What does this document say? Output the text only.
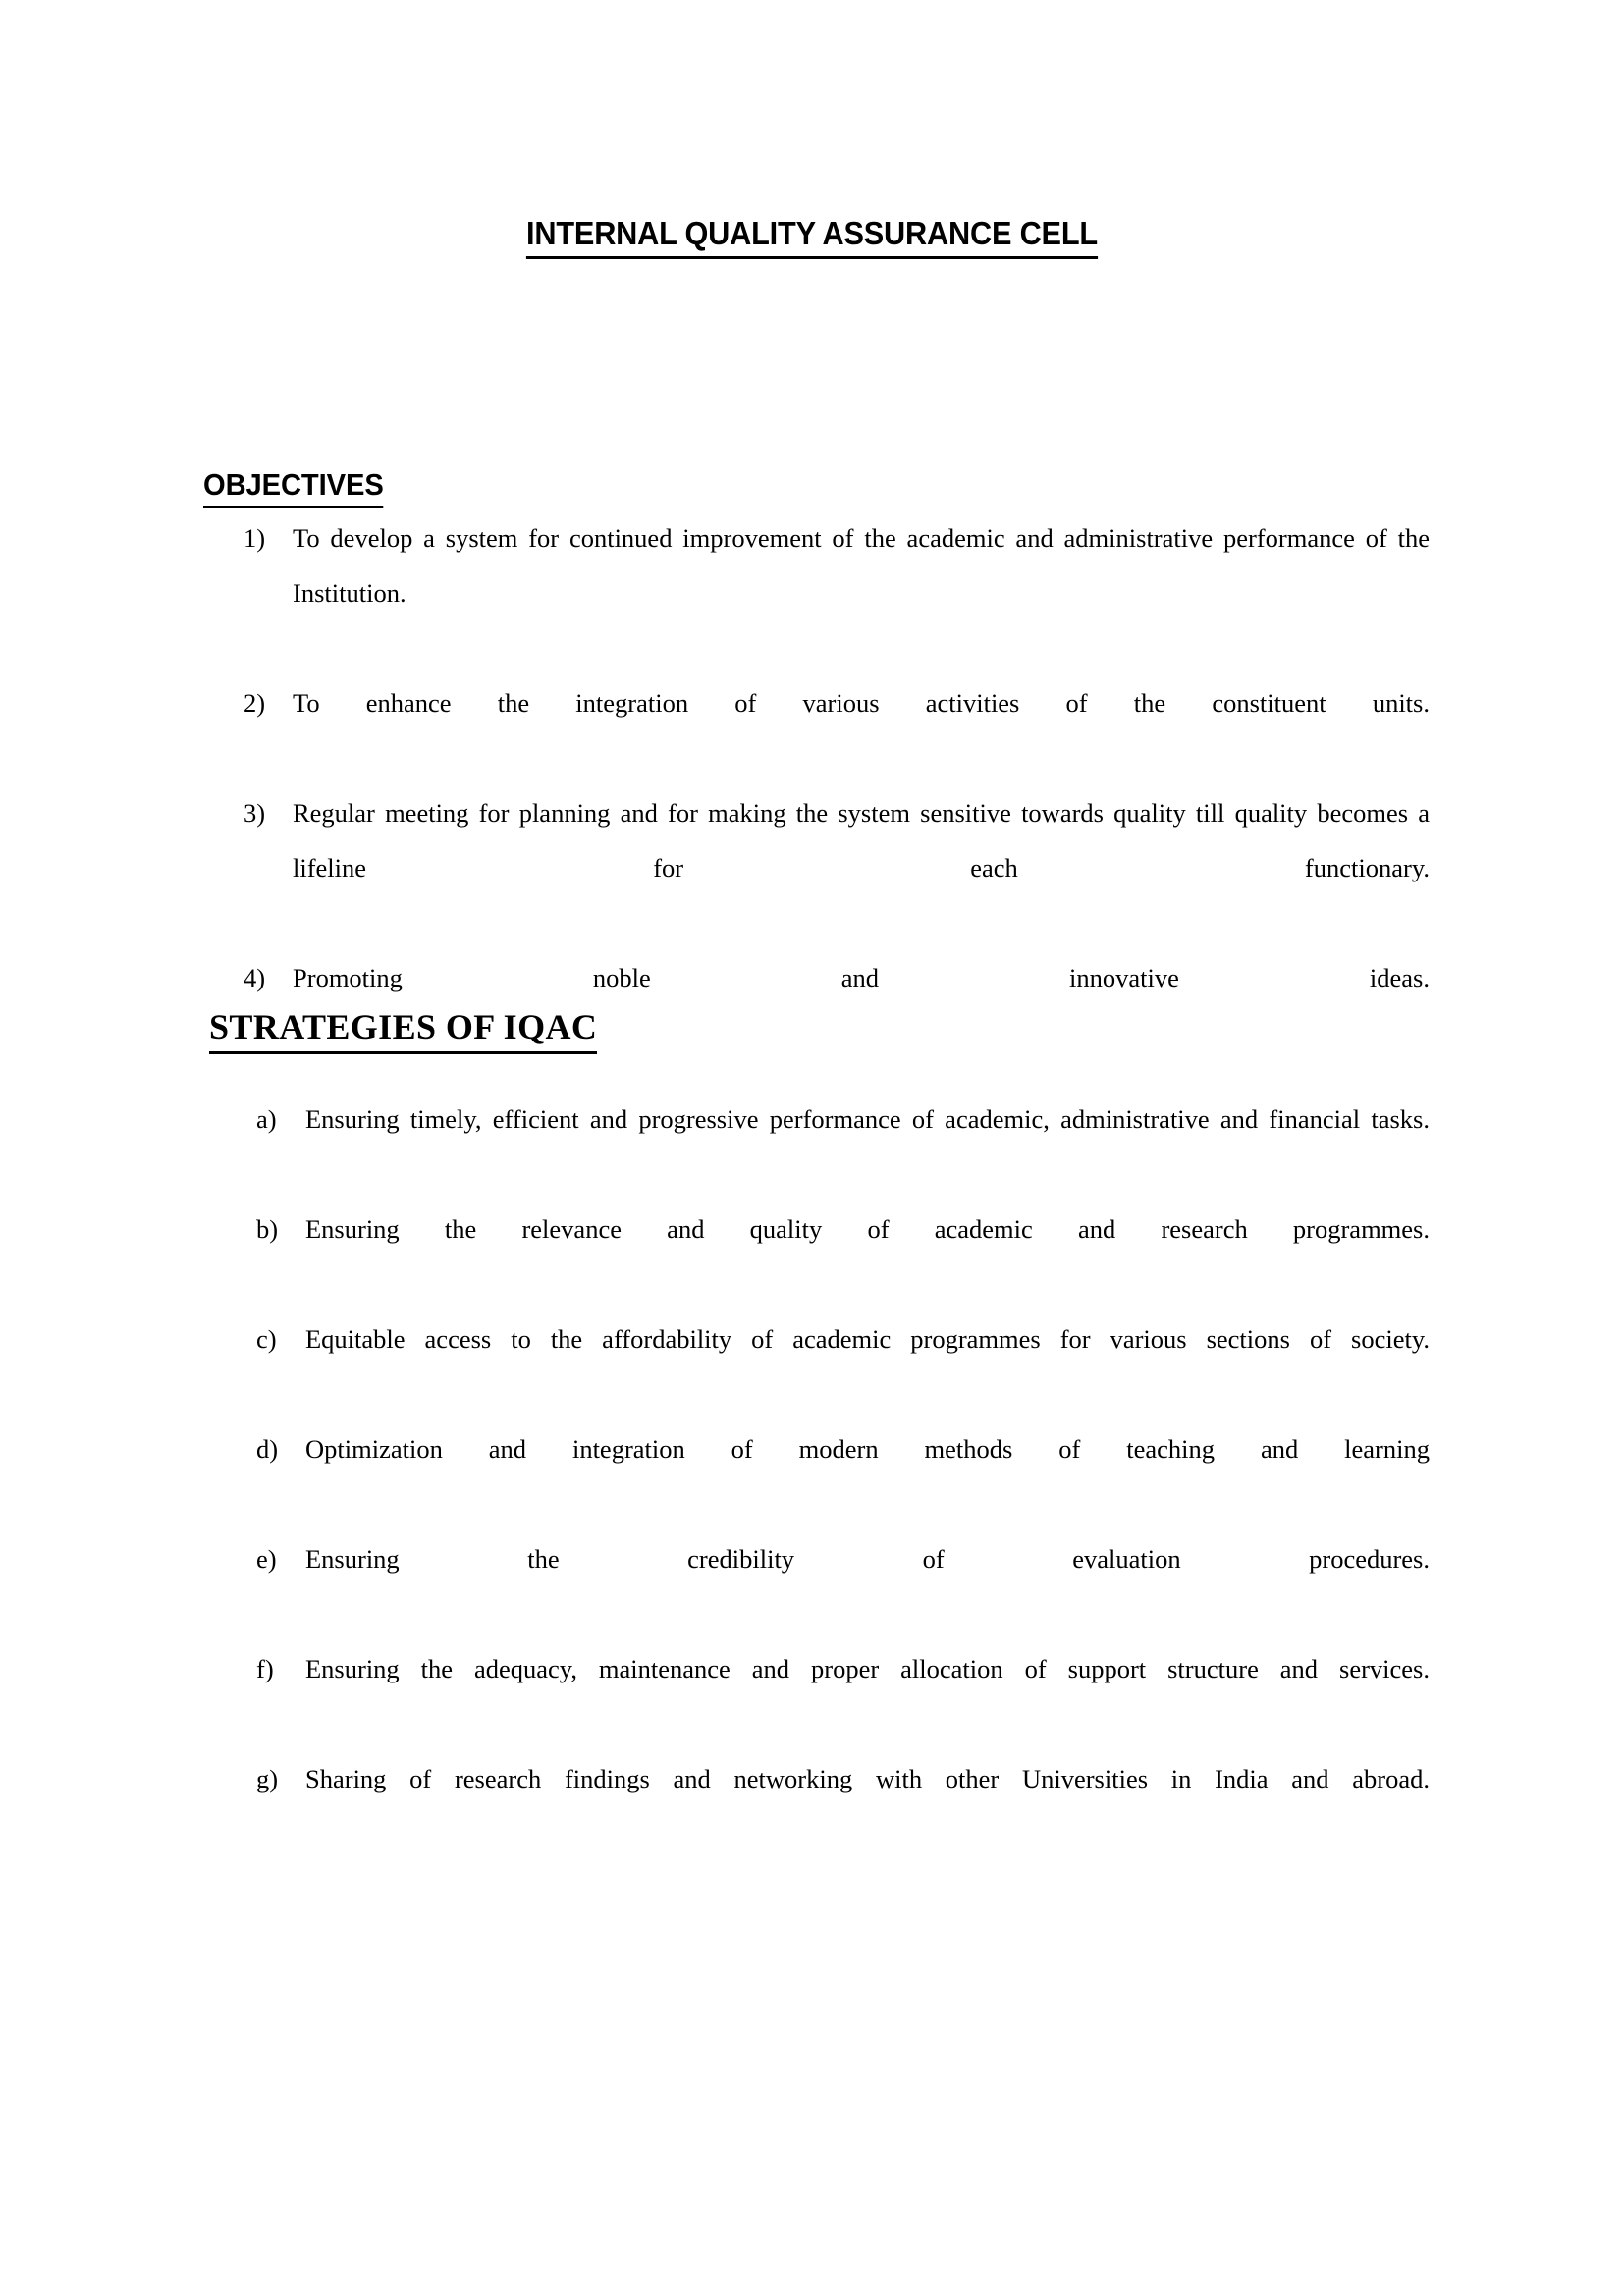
INTERNAL QUALITY ASSURANCE CELL
OBJECTIVES
1)	To develop a system for continued improvement of the academic and administrative performance of the Institution.
2)	To enhance the integration of various activities of the constituent units.
3)	Regular meeting for planning and for making the system sensitive towards quality till quality becomes a lifeline for each functionary.
4)	Promoting noble and innovative ideas.
STRATEGIES OF IQAC
a)	Ensuring timely, efficient and progressive performance of academic, administrative and financial tasks.
b)	Ensuring the relevance and quality of academic and research programmes.
c)	Equitable access to the affordability of academic programmes for various sections of society.
d)	Optimization and integration of modern methods of teaching and learning
e)	Ensuring the credibility of evaluation procedures.
f)	Ensuring the adequacy, maintenance and proper allocation of support structure and services.
g)	Sharing of research findings and networking with other Universities in India and abroad.
